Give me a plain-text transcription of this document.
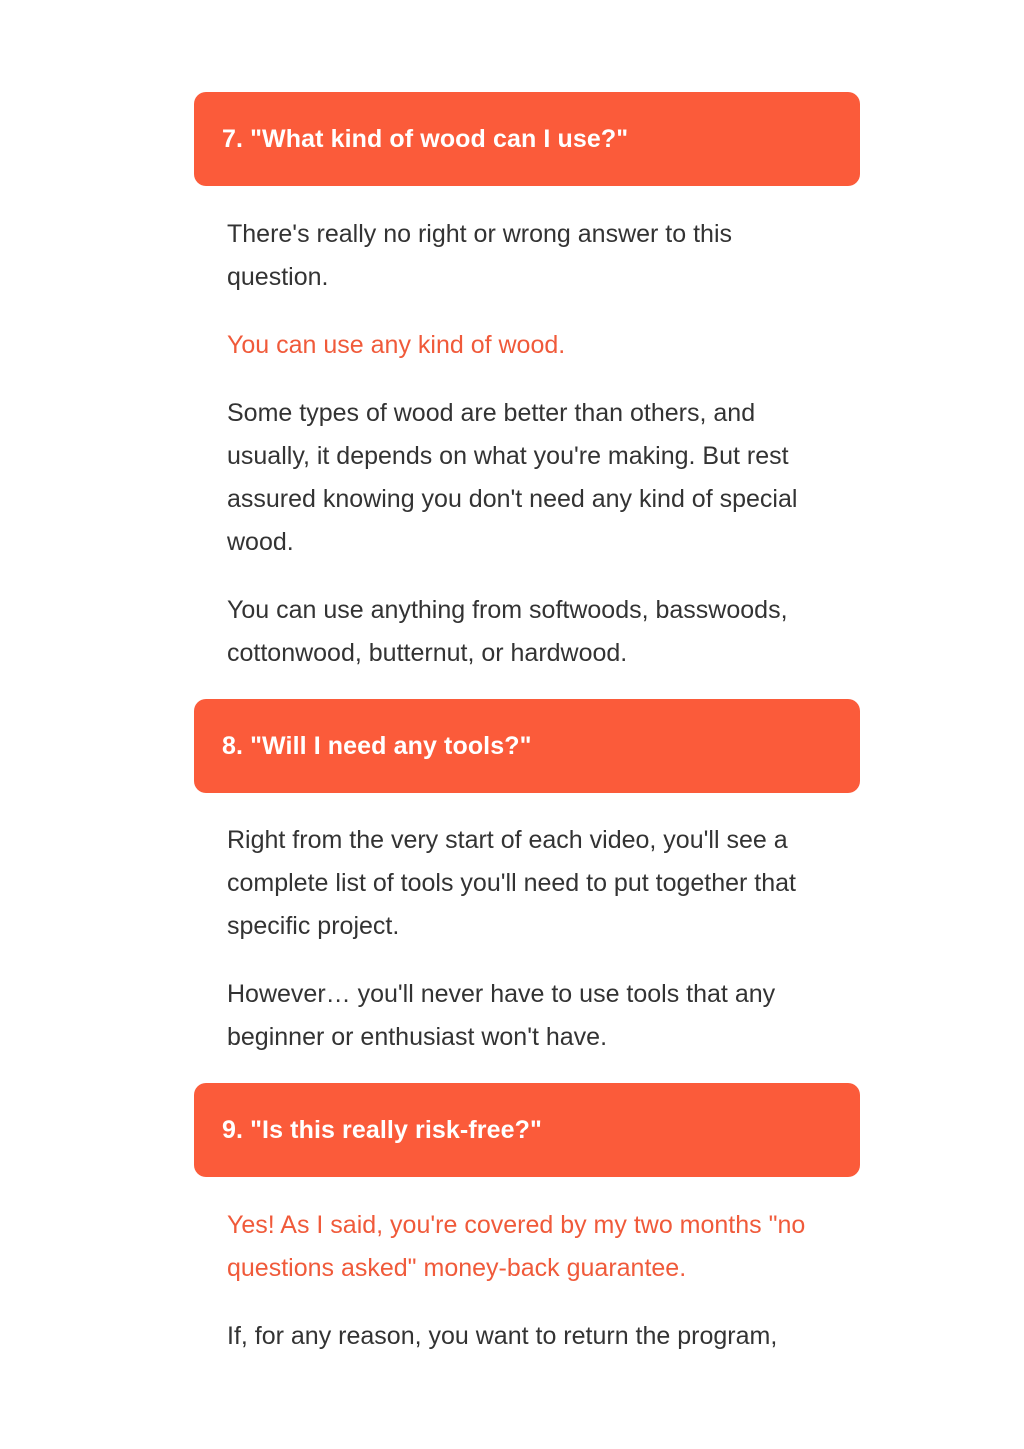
7. "What kind of wood can I use?"

There's really no right or wrong answer to this question.

You can use any kind of wood.

Some types of wood are better than others, and usually, it depends on what you're making. But rest assured knowing you don't need any kind of special wood.

You can use anything from softwoods, basswoods, cottonwood, butternut, or hardwood.

8. "Will I need any tools?"

Right from the very start of each video, you'll see a complete list of tools you'll need to put together that specific project.

However… you'll never have to use tools that any beginner or enthusiast won't have.

9. "Is this really risk-free?"

Yes! As I said, you're covered by my two months "no questions asked" money-back guarantee.

If, for any reason, you want to return the program,
